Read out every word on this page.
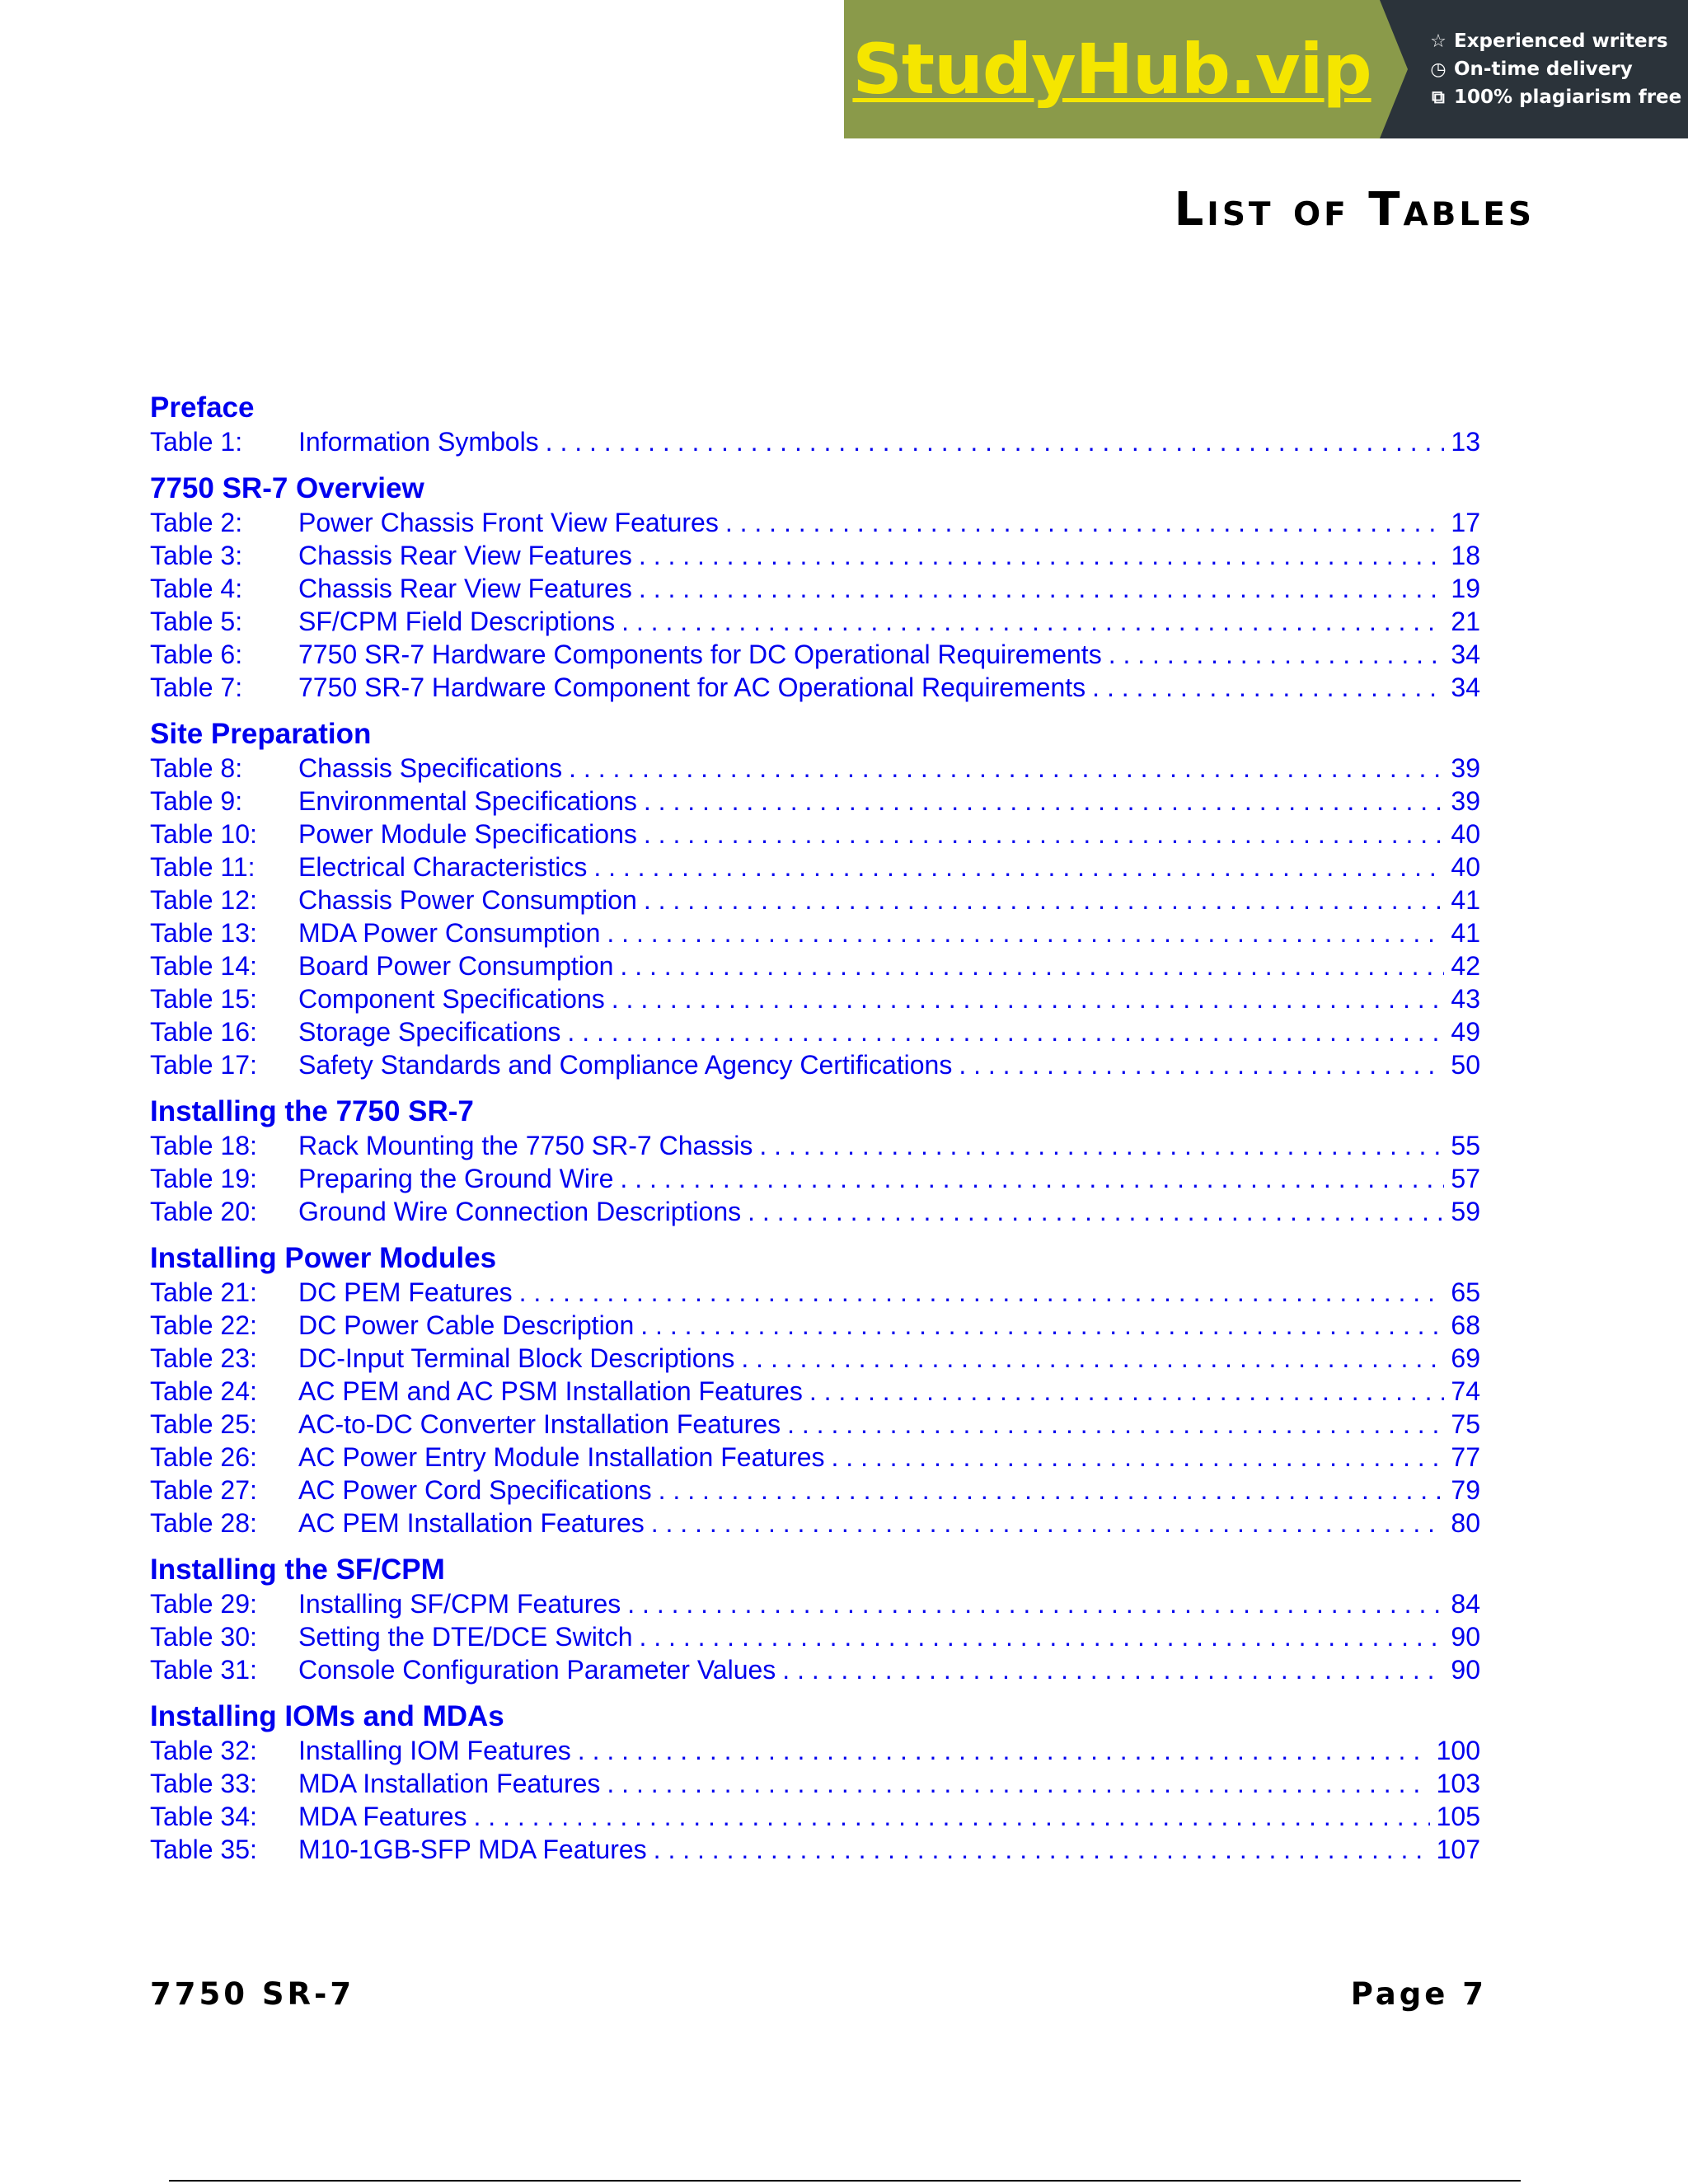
StudyHub.vip	☆ Experienced writers
◷ On-time delivery
⧉ 100% plagiarism free
List of Tables
Preface
Table 1:	Information Symbols . . .	13
7750 SR-7 Overview
Table 2:	Power Chassis Front View Features . . .	17
Table 3:	Chassis Rear View Features . . .	18
Table 4:	Chassis Rear View Features . . .	19
Table 5:	SF/CPM Field Descriptions . . .	21
Table 6:	7750 SR-7 Hardware Components for DC Operational Requirements . . .	34
Table 7:	7750 SR-7 Hardware Component for AC Operational Requirements . . .	34
Site Preparation
Table 8:	Chassis Specifications . . .	39
Table 9:	Environmental Specifications . . .	39
Table 10:	Power Module Specifications . . .	40
Table 11:	Electrical Characteristics . . .	40
Table 12:	Chassis Power Consumption . . .	41
Table 13:	MDA Power Consumption . . .	41
Table 14:	Board Power Consumption . . .	42
Table 15:	Component Specifications . . .	43
Table 16:	Storage Specifications . . .	49
Table 17:	Safety Standards and Compliance Agency Certifications . . .	50
Installing the 7750 SR-7
Table 18:	Rack Mounting the 7750 SR-7 Chassis . . .	55
Table 19:	Preparing the Ground Wire . . .	57
Table 20:	Ground Wire Connection Descriptions . . .	59
Installing Power Modules
Table 21:	DC PEM Features . . .	65
Table 22:	DC Power Cable Description . . .	68
Table 23:	DC-Input Terminal Block Descriptions . . .	69
Table 24:	AC PEM and AC PSM Installation Features . . .	74
Table 25:	AC-to-DC Converter Installation Features . . .	75
Table 26:	AC Power Entry Module Installation Features . . .	77
Table 27:	AC Power Cord Specifications . . .	79
Table 28:	AC PEM Installation Features . . .	80
Installing the SF/CPM
Table 29:	Installing SF/CPM Features . . .	84
Table 30:	Setting the DTE/DCE Switch . . .	90
Table 31:	Console Configuration Parameter Values . . .	90
Installing IOMs and MDAs
Table 32:	Installing IOM Features . . .	100
Table 33:	MDA Installation Features . . .	103
Table 34:	MDA Features . . .	105
Table 35:	M10-1GB-SFP MDA Features . . .	107
7750 SR-7	Page 7
